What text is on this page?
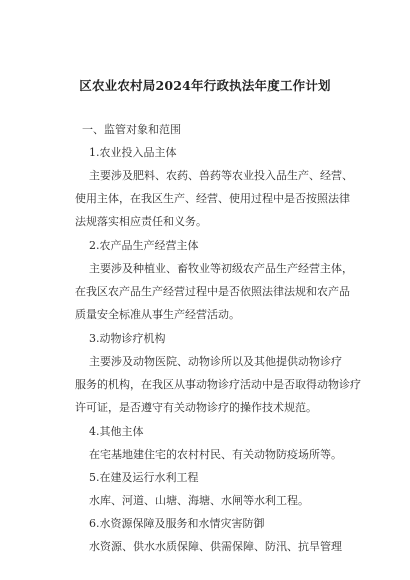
区农业农村局2024年行政执法年度工作计划
一、监管对象和范围
1.农业投入品主体
主要涉及肥料、农药、兽药等农业投入品生产、经营、
使用主体，在我区生产、经营、使用过程中是否按照法律
法规落实相应责任和义务。
2.农产品生产经营主体
主要涉及种植业、畜牧业等初级农产品生产经营主体，
在我区农产品生产经营过程中是否依照法律法规和农产品
质量安全标准从事生产经营活动。
3.动物诊疗机构
主要涉及动物医院、动物诊所以及其他提供动物诊疗
服务的机构，在我区从事动物诊疗活动中是否取得动物诊疗
许可证，是否遵守有关动物诊疗的操作技术规范。
4.其他主体
在宅基地建住宅的农村村民、有关动物防疫场所等。
5.在建及运行水利工程
水库、河道、山塘、海塘、水闸等水利工程。
6.水资源保障及服务和水情灾害防御
水资源、供水水质保障、供需保障、防汛、抗旱管理
